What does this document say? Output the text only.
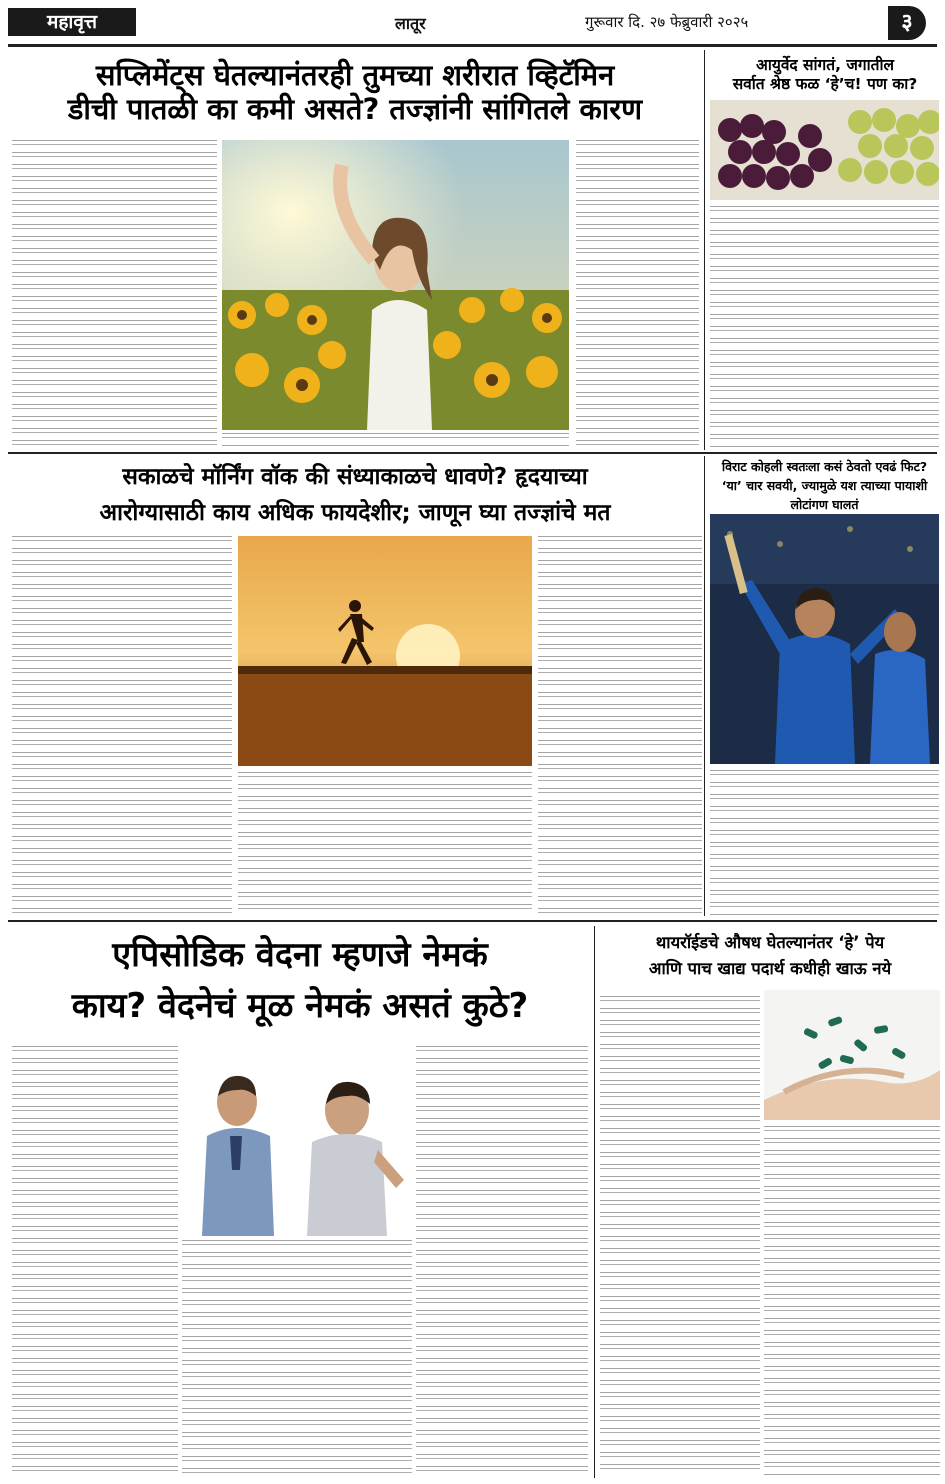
महावृत्त	लातूर	गुरूवार दि. २७ फेब्रुवारी २०२५	३
सप्लिमेंट्स घेतल्यानंतरही तुमच्या शरीरात व्हिटॅमिन
डीची पातळी का कमी असते? तज्ज्ञांनी सांगितले कारण
आयुर्वेद सांगतं, जगातील
सर्वात श्रेष्ठ फळ ‘हे’च! पण का?
सकाळचे मॉर्निंग वॉक की संध्याकाळचे धावणे? हृदयाच्या
आरोग्यासाठी काय अधिक फायदेशीर; जाणून घ्या तज्ज्ञांचे मत
विराट कोहली स्वतःला कसं ठेवतो एवढं फिट? ‘या’ चार सवयी, ज्यामुळे यश त्याच्या पायाशी लोटांगण घालतं
एपिसोडिक वेदना म्हणजे नेमकं
काय? वेदनेचं मूळ नेमकं असतं कुठे?
थायरॉईडचे औषध घेतल्यानंतर ‘हे’ पेय
आणि पाच खाद्य पदार्थ कधीही खाऊ नये
